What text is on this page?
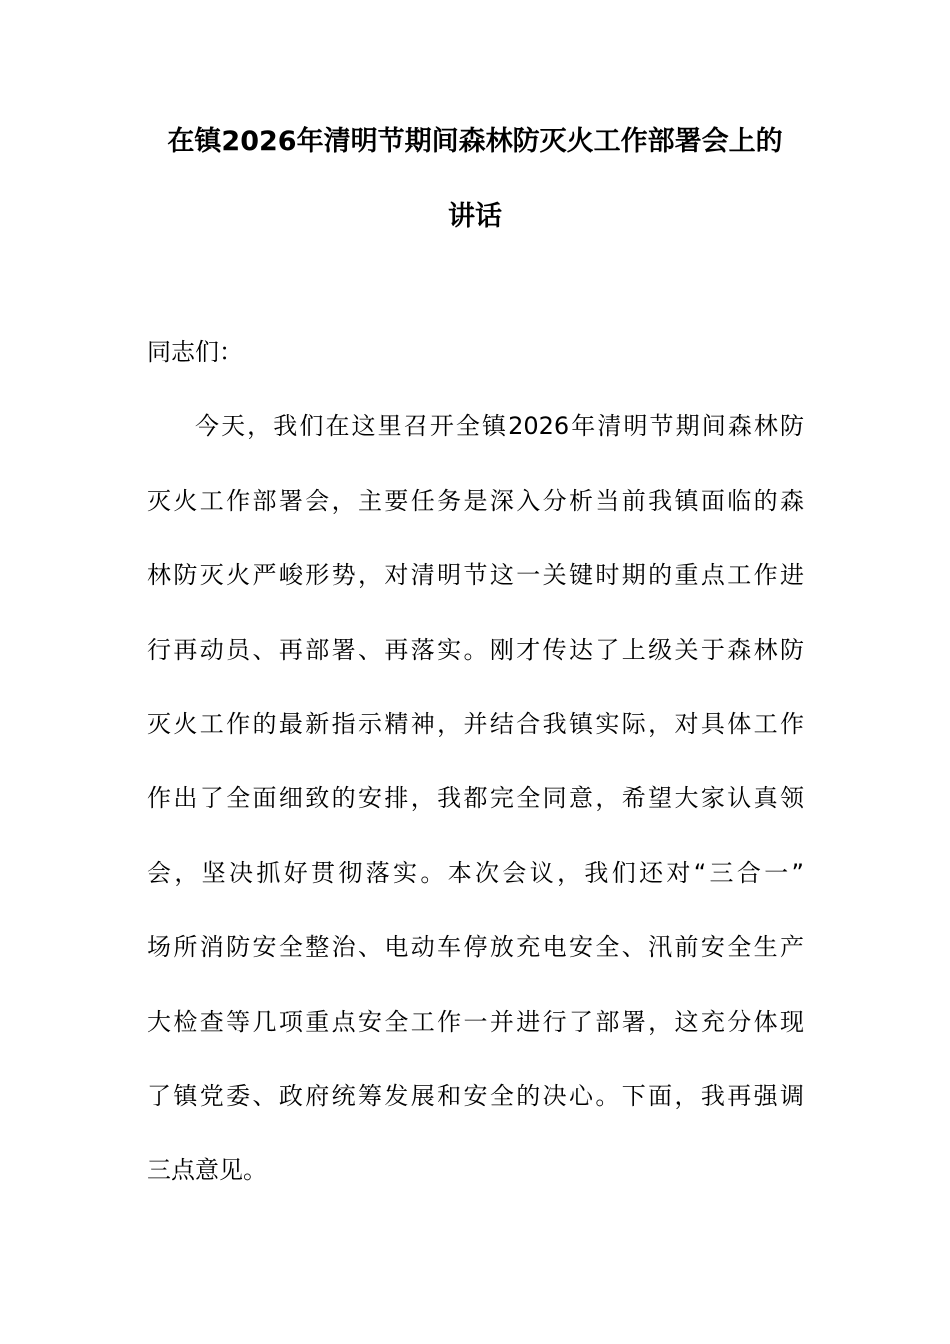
在镇2026年清明节期间森林防灭火工作部署会上的
讲话
同志们：
今天，我们在这里召开全镇2026年清明节期间森林防
灭火工作部署会，主要任务是深入分析当前我镇面临的森
林防灭火严峻形势，对清明节这一关键时期的重点工作进
行再动员、再部署、再落实。刚才传达了上级关于森林防
灭火工作的最新指示精神，并结合我镇实际，对具体工作
作出了全面细致的安排，我都完全同意，希望大家认真领
会，坚决抓好贯彻落实。本次会议，我们还对“三合一”
场所消防安全整治、电动车停放充电安全、汛前安全生产
大检查等几项重点安全工作一并进行了部署，这充分体现
了镇党委、政府统筹发展和安全的决心。下面，我再强调
三点意见。
